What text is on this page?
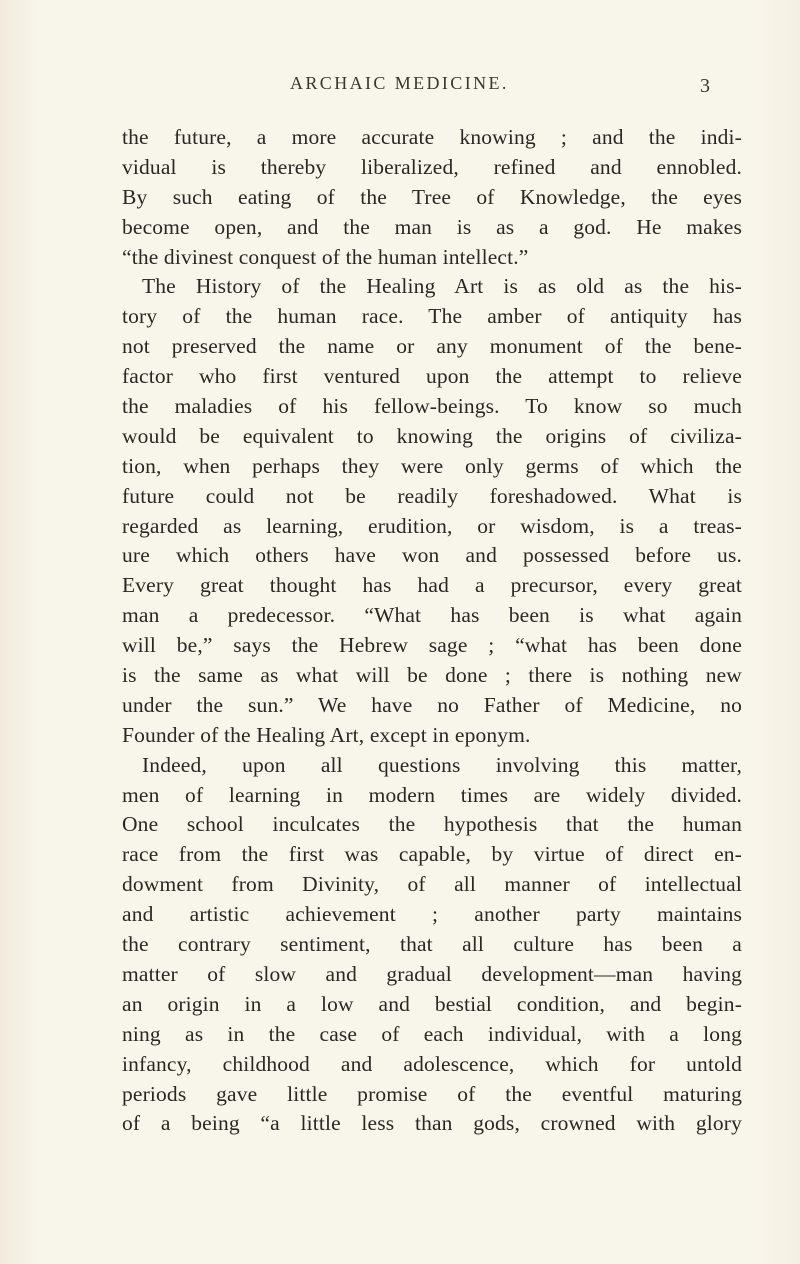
ARCHAIC MEDICINE.	3
the future, a more accurate knowing ; and the indi-
vidual is thereby liberalized, refined and ennobled.
By such eating of the Tree of Knowledge, the eyes
become open, and the man is as a god. He makes
“the divinest conquest of the human intellect.”
The History of the Healing Art is as old as the his-
tory of the human race. The amber of antiquity has
not preserved the name or any monument of the bene-
factor who first ventured upon the attempt to relieve
the maladies of his fellow-beings. To know so much
would be equivalent to knowing the origins of civiliza-
tion, when perhaps they were only germs of which the
future could not be readily foreshadowed. What is
regarded as learning, erudition, or wisdom, is a treas-
ure which others have won and possessed before us.
Every great thought has had a precursor, every great
man a predecessor. “What has been is what again
will be,” says the Hebrew sage ; “what has been done
is the same as what will be done ; there is nothing new
under the sun.” We have no Father of Medicine, no
Founder of the Healing Art, except in eponym.
Indeed, upon all questions involving this matter,
men of learning in modern times are widely divided.
One school inculcates the hypothesis that the human
race from the first was capable, by virtue of direct en-
dowment from Divinity, of all manner of intellectual
and artistic achievement ; another party maintains
the contrary sentiment, that all culture has been a
matter of slow and gradual development—man having
an origin in a low and bestial condition, and begin-
ning as in the case of each individual, with a long
infancy, childhood and adolescence, which for untold
periods gave little promise of the eventful maturing
of a being “a little less than gods, crowned with glory
